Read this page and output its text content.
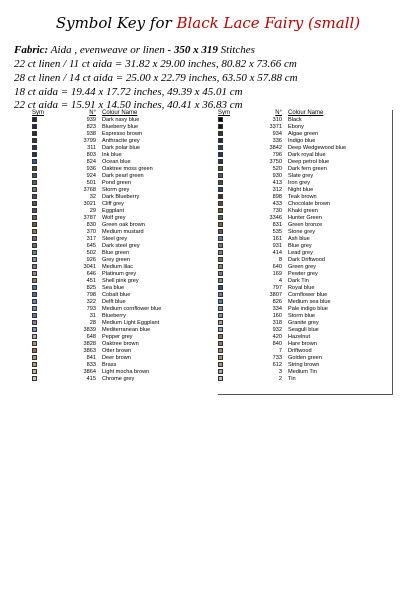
Symbol Key for Black Lace Fairy (small)
Fabric: Aida , evenweave or linen - 350 x 319 Stitches
22 ct linen / 11 ct aida = 31.82 x 29.00 inches, 80.82 x 73.66 cm
28 ct linen / 14 ct aida = 25.00 x 22.79 inches, 63.50 x 57.88 cm
18 ct aida = 19.44 x 17.72 inches, 49.39 x 45.01 cm
22 ct aida = 15.91 x 14.50 inches, 40.41 x 36.83 cm
Sym	N°	Colour Name
939	Dark navy blue
823	Blueberry blue
938	Espresso brown
3799	Anthracite grey
311	Dark polar blue
803	Ink blue
824	Ocean blue
936	Oaktree moss green
924	Dark pearl green
501	Pond green
3768	Storm grey
32	Dark Blueberry
3021	Cliff grey
29	Eggplant
3787	Wolf grey
830	Green oak brown
370	Medium mustard
317	Steel grey
645	Dark steel grey
502	Blue green
926	Grey green
3041	Medium lilac
646	Platinum grey
451	Shell pink grey
825	Sea blue
798	Cobalt blue
322	Delft blue
793	Medium cornflower blue
31	Blueberry
28	Medium Light Eggplant
3839	Mediterranean blue
648	Pepper grey
3828	Oaktree brown
3863	Otter brown
841	Deer brown
833	Brass
3864	Light mocha brown
415	Chrome grey
Sym	N°	Colour Name
310	Black
3371	Ebony
934	Algae green
336	Indigo blue
3842	Deep Wedgewood blue
796	Dark royal blue
3750	Deep petrol blue
520	Dark fern green
930	Slate grey
413	Iron grey
312	Night blue
898	Teak brown
433	Chocolate brown
730	Khaki green
3346	Hunter Green
831	Green bronze
535	Stone grey
161	Ash blue
931	Blue grey
414	Lead grey
8	Dark Driftwood
640	Green grey
169	Pewter grey
4	Dark Tin
797	Royal blue
3807	Cornflower blue
826	Medium sea blue
334	Pale indigo blue
160	Storm blue
318	Granite grey
932	Seagull blue
420	Hazelnut
840	Hare brown
7	Driftwood
733	Golden green
612	String brown
3	Medium Tin
2	Tin
